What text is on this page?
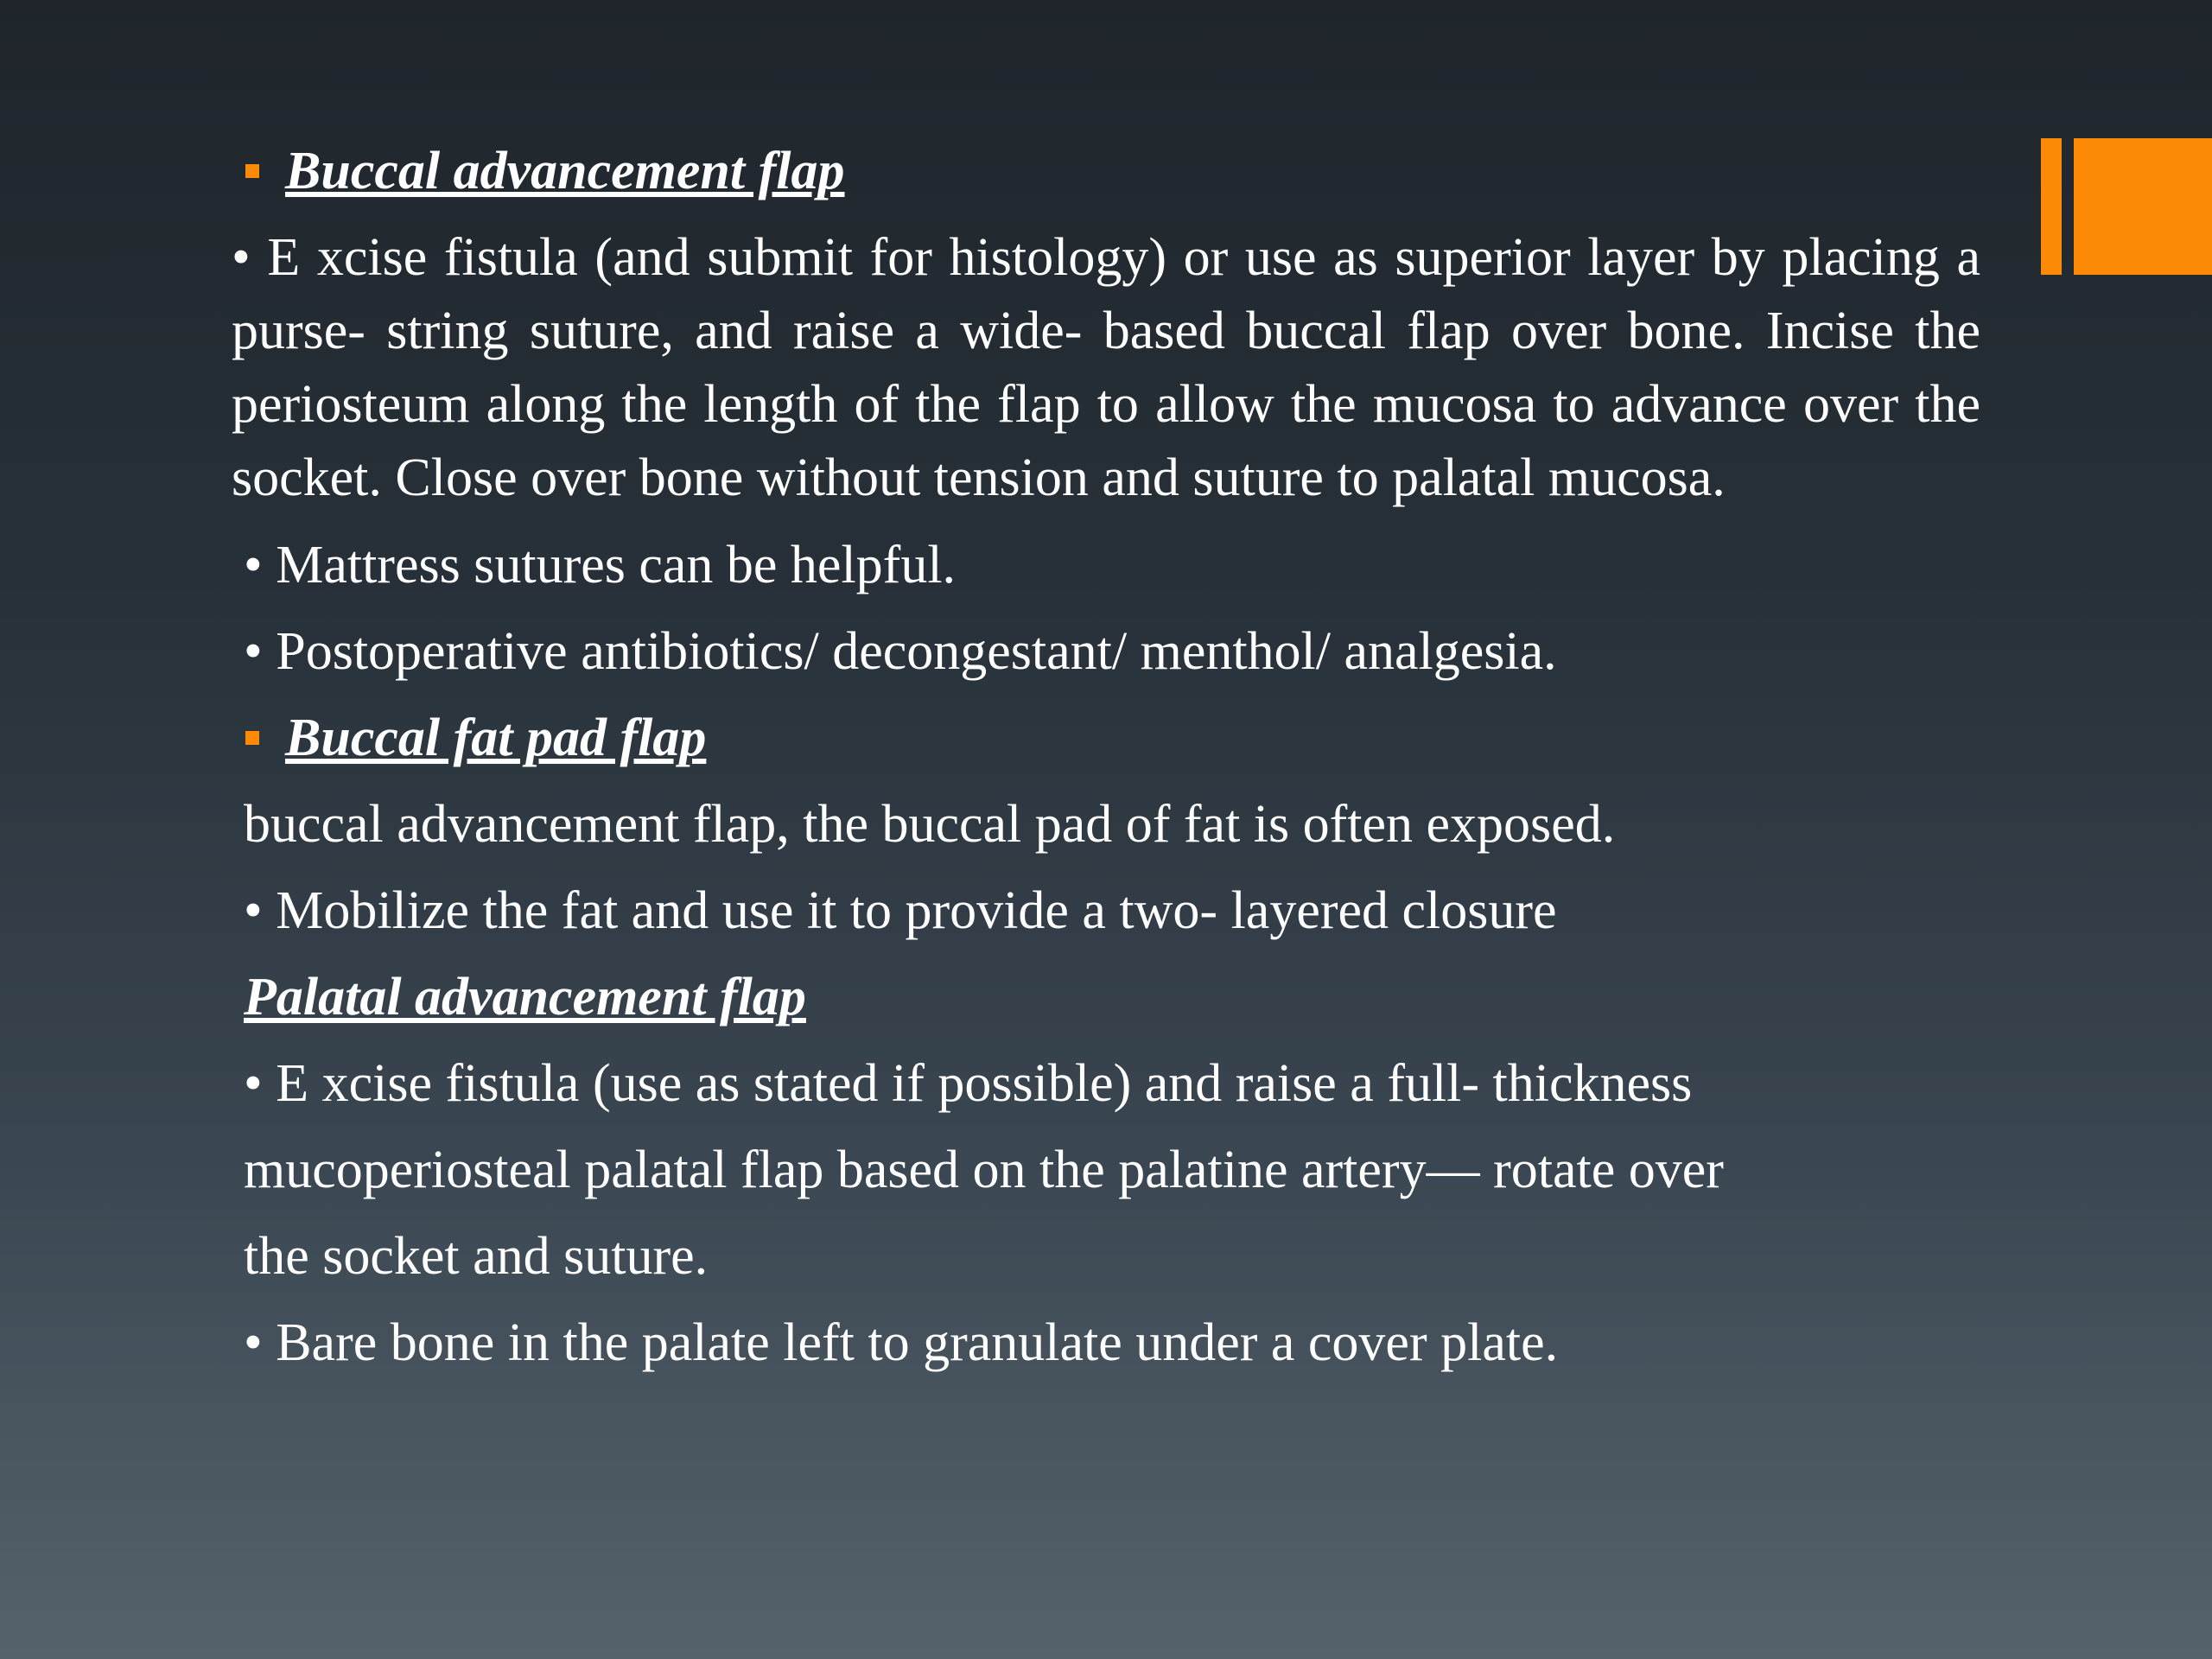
Buccal advancement flap
• E xcise fistula (and submit for histology) or use as superior layer by placing a purse- string suture, and raise a wide- based buccal flap over bone. Incise the periosteum along the length of the flap to allow the mucosa to advance over the socket. Close over bone without tension and suture to palatal mucosa.
• Mattress sutures can be helpful.
• Postoperative antibiotics/ decongestant/ menthol/ analgesia.
Buccal fat pad flap
buccal advancement flap, the buccal pad of fat is often exposed.
• Mobilize the fat and use it to provide a two- layered closure
Palatal advancement flap
• E xcise fistula (use as stated if possible) and raise a full- thickness
mucoperiosteal palatal flap based on the palatine artery— rotate over
the socket and suture.
• Bare bone in the palate left to granulate under a cover plate.
